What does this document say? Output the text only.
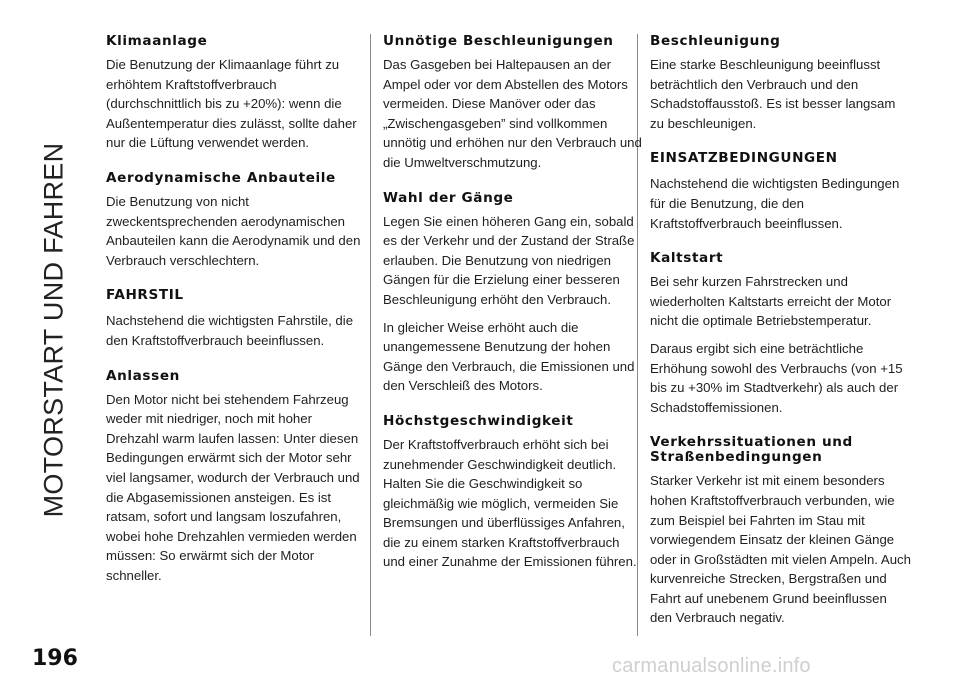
MOTORSTART UND FAHREN
196	carmanualsonline.info
Klimaanlage

Die Benutzung der Klimaanlage führt zu erhöhtem Kraftstoffverbrauch (durchschnittlich bis zu +20%): wenn die Außentemperatur dies zulässt, sollte daher nur die Lüftung verwendet werden.

Aerodynamische Anbauteile

Die Benutzung von nicht zweckentsprechenden aerodynamischen Anbauteilen kann die Aerodynamik und den Verbrauch verschlechtern.

FAHRSTIL

Nachstehend die wichtigsten Fahrstile, die den Kraftstoffverbrauch beeinflussen.

Anlassen

Den Motor nicht bei stehendem Fahrzeug weder mit niedriger, noch mit hoher Drehzahl warm laufen lassen: Unter diesen Bedingungen erwärmt sich der Motor sehr viel langsamer, wodurch der Verbrauch und die Abgasemissionen ansteigen. Es ist ratsam, sofort und langsam loszufahren, wobei hohe Drehzahlen vermieden werden müssen: So erwärmt sich der Motor schneller.

Unnötige Beschleunigungen

Das Gasgeben bei Haltepausen an der Ampel oder vor dem Abstellen des Motors vermeiden. Diese Manöver oder das „Zwischengasgeben” sind vollkommen unnötig und erhöhen nur den Verbrauch und die Umweltverschmutzung.

Wahl der Gänge

Legen Sie einen höheren Gang ein, sobald es der Verkehr und der Zustand der Straße erlauben. Die Benutzung von niedrigen Gängen für die Erzielung einer besseren Beschleunigung erhöht den Verbrauch.

In gleicher Weise erhöht auch die unangemessene Benutzung der hohen Gänge den Verbrauch, die Emissionen und den Verschleiß des Motors.

Höchstgeschwindigkeit

Der Kraftstoffverbrauch erhöht sich bei zunehmender Geschwindigkeit deutlich. Halten Sie die Geschwindigkeit so gleichmäßig wie möglich, vermeiden Sie Bremsungen und überflüssiges Anfahren, die zu einem starken Kraftstoffverbrauch und einer Zunahme der Emissionen führen.

Beschleunigung

Eine starke Beschleunigung beeinflusst beträchtlich den Verbrauch und den Schadstoffausstoß. Es ist besser langsam zu beschleunigen.

EINSATZBEDINGUNGEN

Nachstehend die wichtigsten Bedingungen für die Benutzung, die den Kraftstoffverbrauch beeinflussen.

Kaltstart

Bei sehr kurzen Fahrstrecken und wiederholten Kaltstarts erreicht der Motor nicht die optimale Betriebstemperatur.

Daraus ergibt sich eine beträchtliche Erhöhung sowohl des Verbrauchs (von +15 bis zu +30% im Stadtverkehr) als auch der Schadstoffemissionen.

Verkehrssituationen und Straßenbedingungen

Starker Verkehr ist mit einem besonders hohen Kraftstoffverbrauch verbunden, wie zum Beispiel bei Fahrten im Stau mit vorwiegendem Einsatz der kleinen Gänge oder in Großstädten mit vielen Ampeln. Auch kurvenreiche Strecken, Bergstraßen und Fahrt auf unebenem Grund beeinflussen den Verbrauch negativ.
